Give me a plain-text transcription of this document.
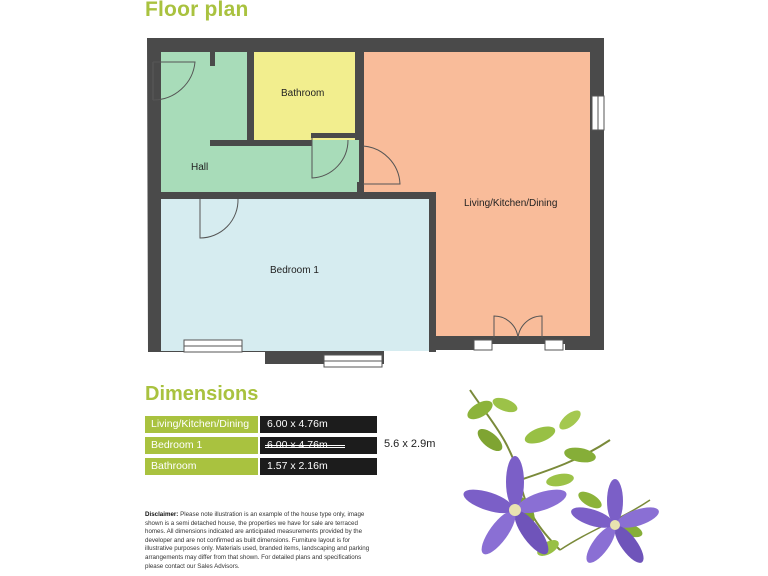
Floor plan
Hall
Bathroom
Living/Kitchen/Dining
Bedroom 1
Dimensions
Living/Kitchen/Dining	6.00 x 4.76m
Bedroom 1
Bathroom	1.57 x 2.16m
5.6 x 2.9m
Disclaimer: Please note illustration is an example of the house type only, image shown is a semi detached house, the properties we have for sale are terraced homes. All dimensions indicated are anticipated measurements provided by the developer and are not confirmed as built dimensions. Furniture layout is for illustrative purposes only. Materials used, branded items, landscaping and parking arrangements may differ from that shown. For detailed plans and specifications please contact our Sales Advisors.
